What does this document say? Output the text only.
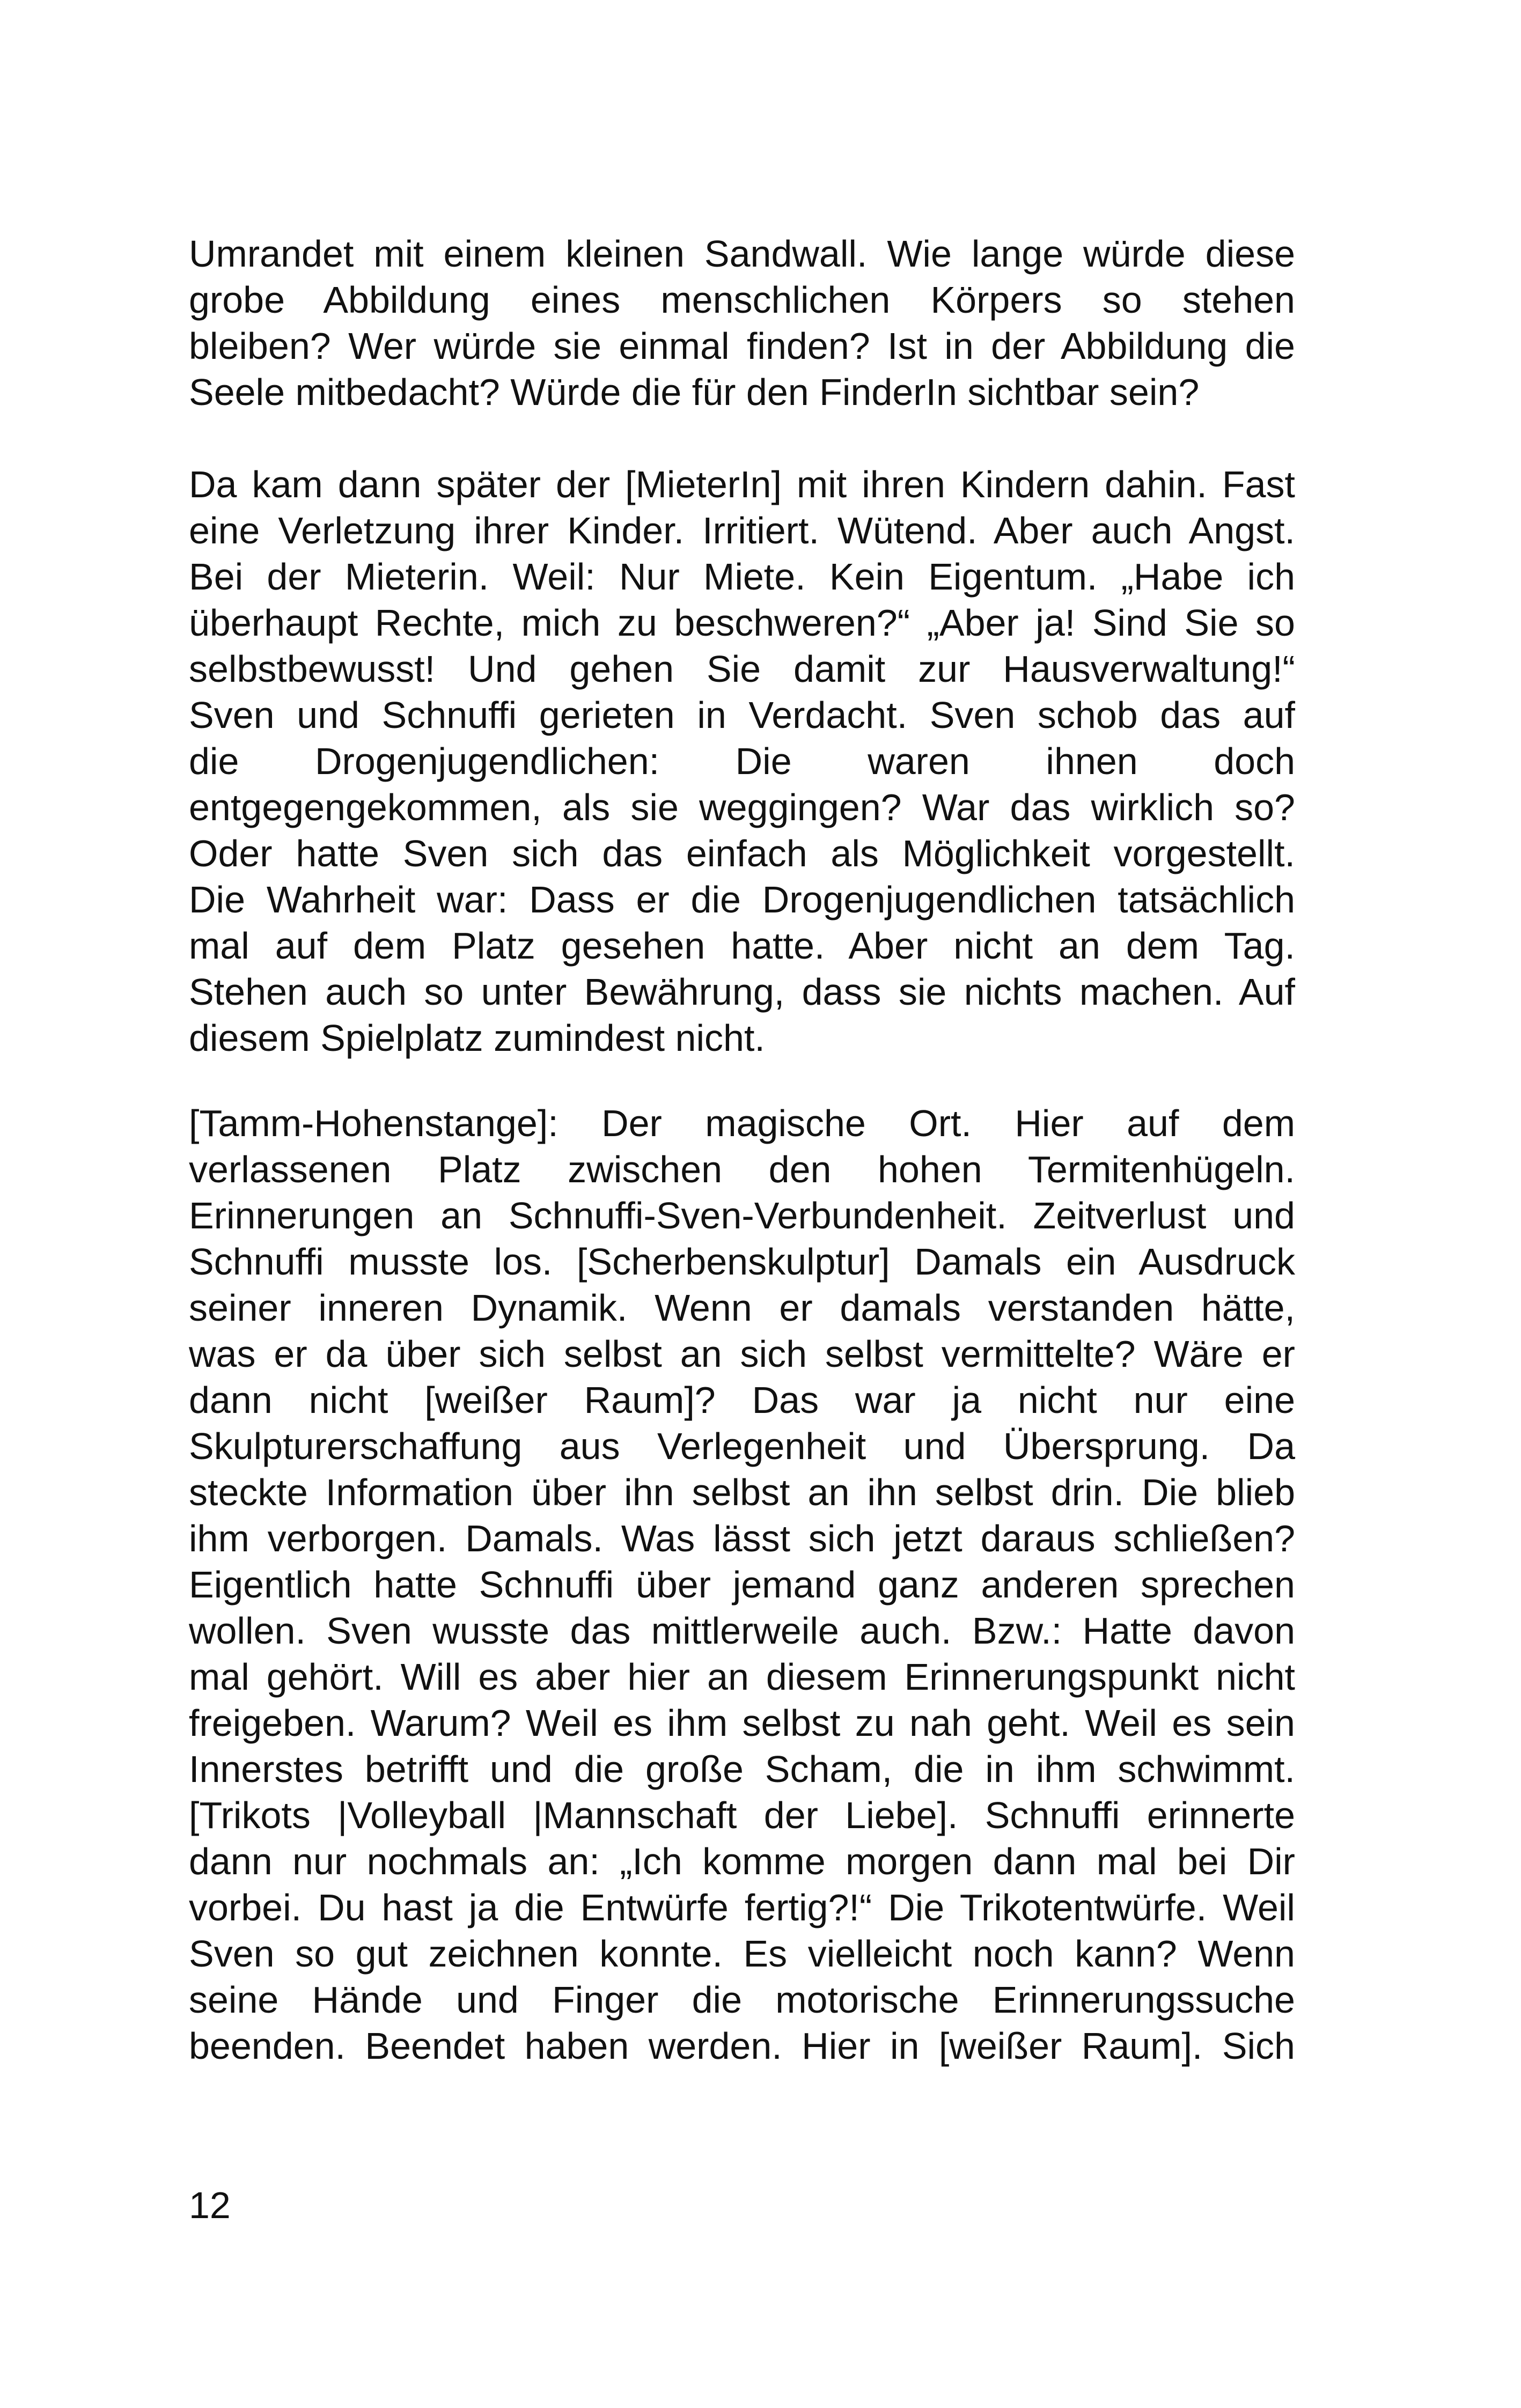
Umrandet mit einem kleinen Sandwall. Wie lange würde diese
grobe Abbildung eines menschlichen Körpers so stehen
bleiben? Wer würde sie einmal finden? Ist in der Abbildung die
Seele mitbedacht? Würde die für den FinderIn sichtbar sein?
Da kam dann später der [MieterIn] mit ihren Kindern dahin. Fast
eine Verletzung ihrer Kinder. Irritiert. Wütend. Aber auch Angst.
Bei der Mieterin. Weil: Nur Miete. Kein Eigentum. „Habe ich
überhaupt Rechte, mich zu beschweren?“ „Aber ja! Sind Sie so
selbstbewusst! Und gehen Sie damit zur Hausverwaltung!“
Sven und Schnuffi gerieten in Verdacht. Sven schob das auf
die Drogenjugendlichen: Die waren ihnen doch
entgegengekommen, als sie weggingen? War das wirklich so?
Oder hatte Sven sich das einfach als Möglichkeit vorgestellt.
Die Wahrheit war: Dass er die Drogenjugendlichen tatsächlich
mal auf dem Platz gesehen hatte. Aber nicht an dem Tag.
Stehen auch so unter Bewährung, dass sie nichts machen. Auf
diesem Spielplatz zumindest nicht.
[Tamm-Hohenstange]: Der magische Ort. Hier auf dem
verlassenen Platz zwischen den hohen Termitenhügeln.
Erinnerungen an Schnuffi-Sven-Verbundenheit. Zeitverlust und
Schnuffi musste los. [Scherbenskulptur] Damals ein Ausdruck
seiner inneren Dynamik. Wenn er damals verstanden hätte,
was er da über sich selbst an sich selbst vermittelte? Wäre er
dann nicht [weißer Raum]? Das war ja nicht nur eine
Skulpturerschaffung aus Verlegenheit und Übersprung. Da
steckte Information über ihn selbst an ihn selbst drin. Die blieb
ihm verborgen. Damals. Was lässt sich jetzt daraus schließen?
Eigentlich hatte Schnuffi über jemand ganz anderen sprechen
wollen. Sven wusste das mittlerweile auch. Bzw.: Hatte davon
mal gehört. Will es aber hier an diesem Erinnerungspunkt nicht
freigeben. Warum? Weil es ihm selbst zu nah geht. Weil es sein
Innerstes betrifft und die große Scham, die in ihm schwimmt.
[Trikots |Volleyball |Mannschaft der Liebe]. Schnuffi erinnerte
dann nur nochmals an: „Ich komme morgen dann mal bei Dir
vorbei. Du hast ja die Entwürfe fertig?!“ Die Trikotentwürfe. Weil
Sven so gut zeichnen konnte. Es vielleicht noch kann? Wenn
seine Hände und Finger die motorische Erinnerungssuche
beenden. Beendet haben werden. Hier in [weißer Raum]. Sich
12
